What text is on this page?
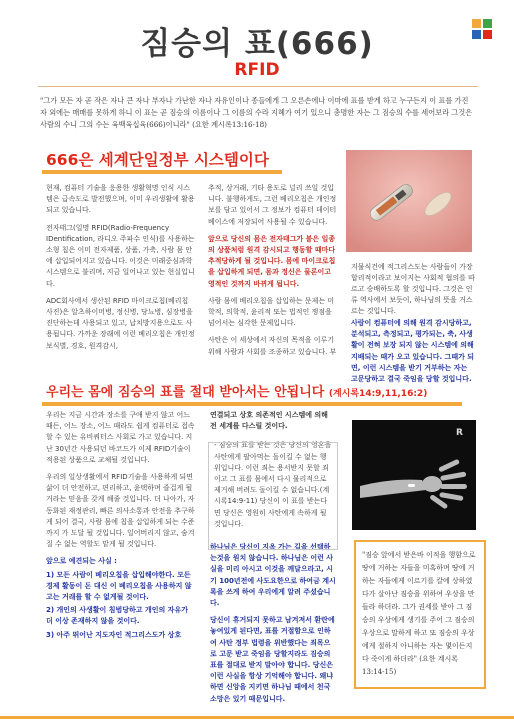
짐승의 표(666)
RFID
"그가 모든 자 곧 작은 자나 큰 자나 부자나 가난한 자나 자유인이나 종들에게 그 오른손에나 이마에 표를 받게 하고 누구든지 이 표를 가진 자 외에는 매매를 못하게 하니 이 표는 곧 짐승의 이름이나 그 이름의 수라 지혜가 여기 있으니 총명한 자는 그 짐승의 수를 세어보라 그것은 사람의 수니 그의 수는 육백육십육(666)이니라" (요한 계시록13:16-18)
666은 세계단일정부 시스템이다

현재, 컴퓨터 기술을 응용한 생활혁명 인식 시스템은 급속도로 발전했으며, 이미 우리생활에 활용되고 있습니다.

전자태그(일명 RFID(Radio-Frequency IDentification, 라디오 주파수 인식)를 사용하는 소형 칩은 이미 전자제품, 상품, 가축, 사람 몸 안에 삽입되어지고 있습니다. 이것은 미래중심과학 시스템으로 불리며, 지금 일어나고 있는 현실입니다.

ADC회사에서 생산된 RFID 마이크로칩(베리칩 사진)은 알츠하이머병, 정신병, 당뇨병, 심장병을 진단하는데 사용되고 있고, 납치방지용으로도 사용됩니다. 가까운 장래에 이런 베리오칩은 개인정보식별, 경호, 원격감시,

추적, 상거래, 기타 용도로 널리 쓰일 것입니다. 불행하게도, 그런 베리오칩은 개인정보를 담고 있어서 그 정보가 컴퓨터 데이터베이스에 저장되어 사용될 수 있습니다.

앞으로 당신의 몸은 전자태그가 붙은 일종의 상품처럼 원격 감시되고 행동할 때마다 추적당하게 될 것입니다. 몸에 마이크로칩을 삽입하게 되면, 몸과 정신은 물론이고 영적인 것까지 바뀌게 됩니다.

사람 몸에 베리오칩을 삽입하는 문제는 미학적, 의학적, 윤리적 또는 법적인 쟁점을 넘어서는 심각한 문제입니다.

사탄은 이 세상에서 자신의 목적을 이루기 위해 사람과 사회를 조종하고 있습니다. 부

지물식건에 적그리스도는 사람들이 가장 합리적이라고 보이지는 사회적 협의를 따르고 승배하도록 할 것입니다. 그것은 인류 역사에서 보듯이, 하나님의 뜻을 거스르는 것입니다.
사람이 컴퓨터에 의해 원격 감시당하고, 분석되고, 측정되고, 평가되는, 축, 사생활이 전혀 보장 되지 않는 시스템에 의해 지배되는 때가 오고 있습니다. 그때가 되면, 이런 시스템을 받기 거부하는 자는 고문당하고 결국 죽임을 당할 것입니다.
우리는 몸에 짐승의 표를 절대 받아서는 안됩니다 (계시록14:9,11,16:2)

우리는 지금 시간과 장소를 구애 받지 않고 어느 때든, 어느 장소, 어느 때라도 쉽게 컴퓨터로 접속 할 수 있는 유비쿼터스 사회로 가고 있습니다. 지난 30년간 사용되던 바코드가 이제 RFID기술이 적용된 상품으로 교체될 것입니다.

우리의 일상생활에서 RFID기술을 사용하게 되면 삶이 더 안전하고, 편리하고, 윤택하며 즐겁게 될 거라는 믿음을 갖게 해줄 것입니다. 더 나아가, 자동화된 재정관리, 빠른 의사소통과 안전을 추구하게 되어 결국, 사람 몸에 칩을 삽입하게 되는 수준까지 가 도달 될 것입니다. 일어버리지 않고, 숨겨질 수 없는 역할도 맡게 될 것입니다.

앞으로 예견되는 사실 :

1) 모든 사람이 베리오칩을 삽입해야한다. 모든 경제 활동이 돈 대신 이 베리오칩을 사용하지 않고는 거래를 할 수 없게될 것이다.

2) 개인의 사생활이 침범당하고 개인의 자유가 더 이상 존재하지 않을 것이다.

3) 아주 뛰어난 지도자인 적그리스도가 상호

연결되고 상호 의존적인 시스템에 의해 전 세계를 다스릴 것이다.

- 짐승의 표를 받는 것은 당신의 영혼을 사탄에게 팔아먹는 돌이킬 수 없는 행위입니다. 이런 죄는 용서받지 못할 죄이고 그 표를 몸에서 다시 물리적으로 제거해 버려도 돌이킬 수 없습니다.(계시록14:9-11) 당신이 이 표를 받는다면 당신은 영원히 사탄에게 속하게 될 것입니다.

하나님은 당신이 지옥 가는 길을 선택하는것을 원치 않습니다. 하나님은 이런 사실을 미리 아시고 이것을 깨달으라고, 시기 100년전에 사도요한으로 하여금 계시록을 쓰게 하여 우리에게 알려 주셨습니다.

당신이 휴거되지 못하고 남겨져서 환란에 놓여있게 된다면, 표를 거절함으로 인하여 사탄 정부 법령을 위반했다는 죄목으로 고문 받고 죽임을 당할지라도 짐승의 표를 절대로 받지 말아야 합니다. 당신은 이런 사실을 항상 기억해야 합니다. 왜냐하면 신앙을 지키면 하나님 때에서 천국소망은 있기 때문입니다.

R
"짐승 앞에서 받은바 이적을 행함으로 땅에 거하는 자들을 미혹하며 땅에 거하는 자들에게 이르기를 칼에 상하였다가 살아난 짐승을 위하여 우상을 만들라 하더라. 그가 권세를 받아 그 짐승의 우상에게 생기를 주어 그 짐승의 우상으로 말하게 하고 또 짐승의 우상에게 절하지 아니하는 자는 몇이든지 다 죽이게 하더라" (요한 계시록13:14-15)
